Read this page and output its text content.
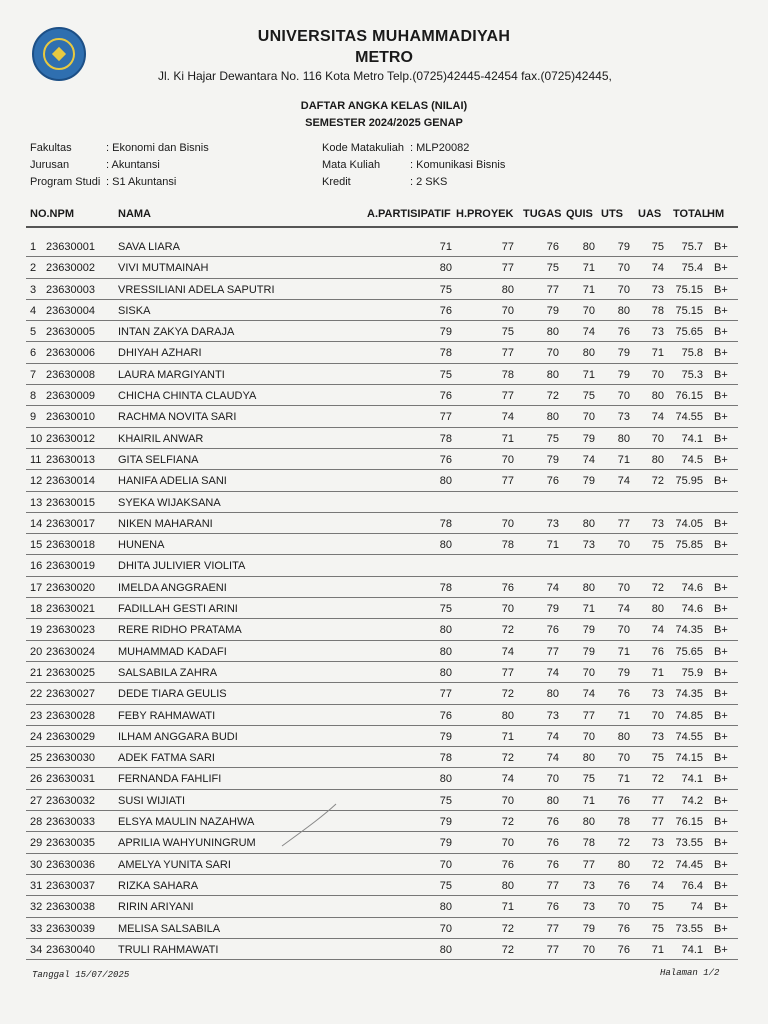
UNIVERSITAS MUHAMMADIYAH
METRO
Jl. Ki Hajar Dewantara No. 116 Kota Metro Telp.(0725)42445-42454 fax.(0725)42445,
DAFTAR ANGKA KELAS (NILAI)
SEMESTER 2024/2025 GENAP
Fakultas	: Ekonomi dan Bisnis
Jurusan	: Akuntansi
Program Studi : S1 Akuntansi
Kode Matakuliah : MLP20082
Mata Kuliah	: Komunikasi Bisnis
Kredit	: 2 SKS
NO.NPM	NAMA	A.PARTISIPATIF H.PROYEK TUGAS QUIS UTS UAS TOTAL
HM
1 23630001 SAVA LIARA	71	77	76 80 79 75 75.7 B+
2 23630002 VIVI MUTMAINAH	80	77	75 71 70 74 75.4 B+
3 23630003 VRESSILIANI ADELA SAPUTRI	75	80	77 71 70 73 75.15 B+
4 23630004 SISKA	76	70	79 70 80 78 75.15 B+
5 23630005 INTAN ZAKYA DARAJA	79	75	80 74 76 73 75.65 B+
6 23630006 DHIYAH AZHARI	78	77	70 80 79 71 75.8 B+
7 23630008 LAURA MARGIYANTI	75	78	80 71 79 70 75.3 B+
8 23630009 CHICHA CHINTA CLAUDYA	76	77	72 75 70 80 76.15 B+
9 23630010 RACHMA NOVITA SARI	77	74	80 70 73 74 74.55 B+
10 23630012 KHAIRIL ANWAR	78	71	75 79 80 70 74.1 B+
11 23630013 GITA SELFIANA	76	70	79 74 71 80 74.5 B+
12 23630014 HANIFA ADELIA SANI	80	77	76 79 74 72 75.95 B+
13 23630015 SYEKA WIJAKSANA
14 23630017 NIKEN MAHARANI	78	70	73 80 77 73 74.05 B+
15 23630018 HUNENA	80	78	71 73 70 75 75.85 B+
16 23630019 DHITA JULIVIER VIOLITA
17 23630020 IMELDA ANGGRAENI	78	76	74 80 70 72 74.6 B+
18 23630021 FADILLAH GESTI ARINI	75	70	79 71 74 80 74.6 B+
19 23630023 RERE RIDHO PRATAMA	80	72	76 79 70 74 74.35 B+
20 23630024 MUHAMMAD KADAFI	80	74	77 79 71 76 75.65 B+
21 23630025 SALSABILA ZAHRA	80	77	74 70 79 71 75.9 B+
22 23630027 DEDE TIARA GEULIS	77	72	80 74 76 73 74.35 B+
23 23630028 FEBY RAHMAWATI	76	80	73 77 71 70 74.85 B+
24 23630029 ILHAM ANGGARA BUDI	79	71	74 70 80 73 74.55 B+
25 23630030 ADEK FATMA SARI	78	72	74 80 70 75 74.15 B+
26 23630031 FERNANDA FAHLIFI	80	74	70 75 71 72 74.1 B+
27 23630032 SUSI WIJIATI	75	70	80 71 76 77 74.2 B+
28 23630033 ELSYA MAULIN NAZAHWA	79	72	76 80 78 77 76.15 B+
29 23630035 APRILIA WAHYUNINGRUM	79	70	76 78 72 73 73.55 B+
30 23630036 AMELYA YUNITA SARI	70	76	76 77 80 72 74.45 B+
31 23630037 RIZKA SAHARA	75	80	77 73 76 74 76.4 B+
32 23630038 RIRIN ARIYANI	80	71	76 73 70 75 74 B+
33 23630039 MELISA SALSABILA	70	72	77 79 76 75 73.55 B+
34 23630040 TRULI RAHMAWATI	80	72	77 70 76 71 74.1 B+
Tanggal 15/07/2025	Halaman 1/2
